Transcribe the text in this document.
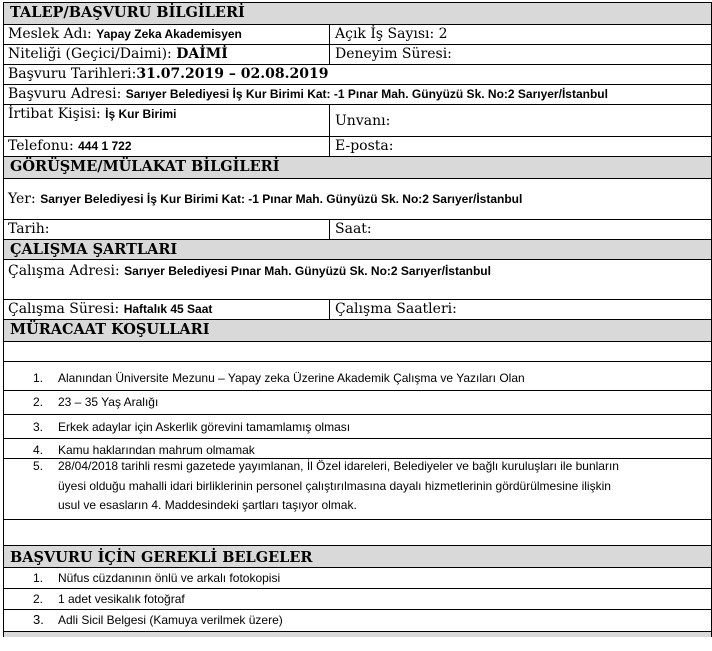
TALEP/BAŞVURU BİLGİLERİ
Meslek Adı: Yapay Zeka Akademisyen	Açık İş Sayısı: 2
Niteliği (Geçici/Daimi): DAİMİ	Deneyim Süresi:
Başvuru Tarihleri:31.07.2019 – 02.08.2019
Başvuru Adresi: Sarıyer Belediyesi İş Kur Birimi Kat: -1 Pınar Mah. Günyüzü Sk. No:2 Sarıyer/İstanbul
İrtibat Kişisi: İş Kur Birimi	Unvanı:
Telefonu: 444 1 722	E-posta:
GÖRÜŞME/MÜLAKAT BİLGİLERİ
Yer: Sarıyer Belediyesi İş Kur Birimi Kat: -1 Pınar Mah. Günyüzü Sk. No:2 Sarıyer/İstanbul
Tarih:	Saat:
ÇALIŞMA ŞARTLARI
Çalışma Adresi: Sarıyer Belediyesi Pınar Mah. Günyüzü Sk. No:2 Sarıyer/İstanbul
Çalışma Süresi: Haftalık 45 Saat	Çalışma Saatleri:
MÜRACAAT KOŞULLARI
1. Alanından Üniversite Mezunu – Yapay zeka Üzerine Akademik Çalışma ve Yazıları Olan
2. 23 – 35 Yaş Aralığı
3. Erkek adaylar için Askerlik görevini tamamlamış olması
4. Kamu haklarından mahrum olmamak
5. 28/04/2018 tarihli resmi gazetede yayımlanan, İl Özel idareleri, Belediyeler ve bağlı kuruluşları ile bunların
üyesi olduğu mahalli idari birliklerinin personel çalıştırılmasına dayalı hizmetlerinin gördürülmesine ilişkin
usul ve esasların 4. Maddesindeki şartları taşıyor olmak.
BAŞVURU İÇİN GEREKLİ BELGELER
1. Nüfus cüzdanının önlü ve arkalı fotokopisi
2. 1 adet vesikalık fotoğraf
3. Adli Sicil Belgesi (Kamuya verilmek üzere)
